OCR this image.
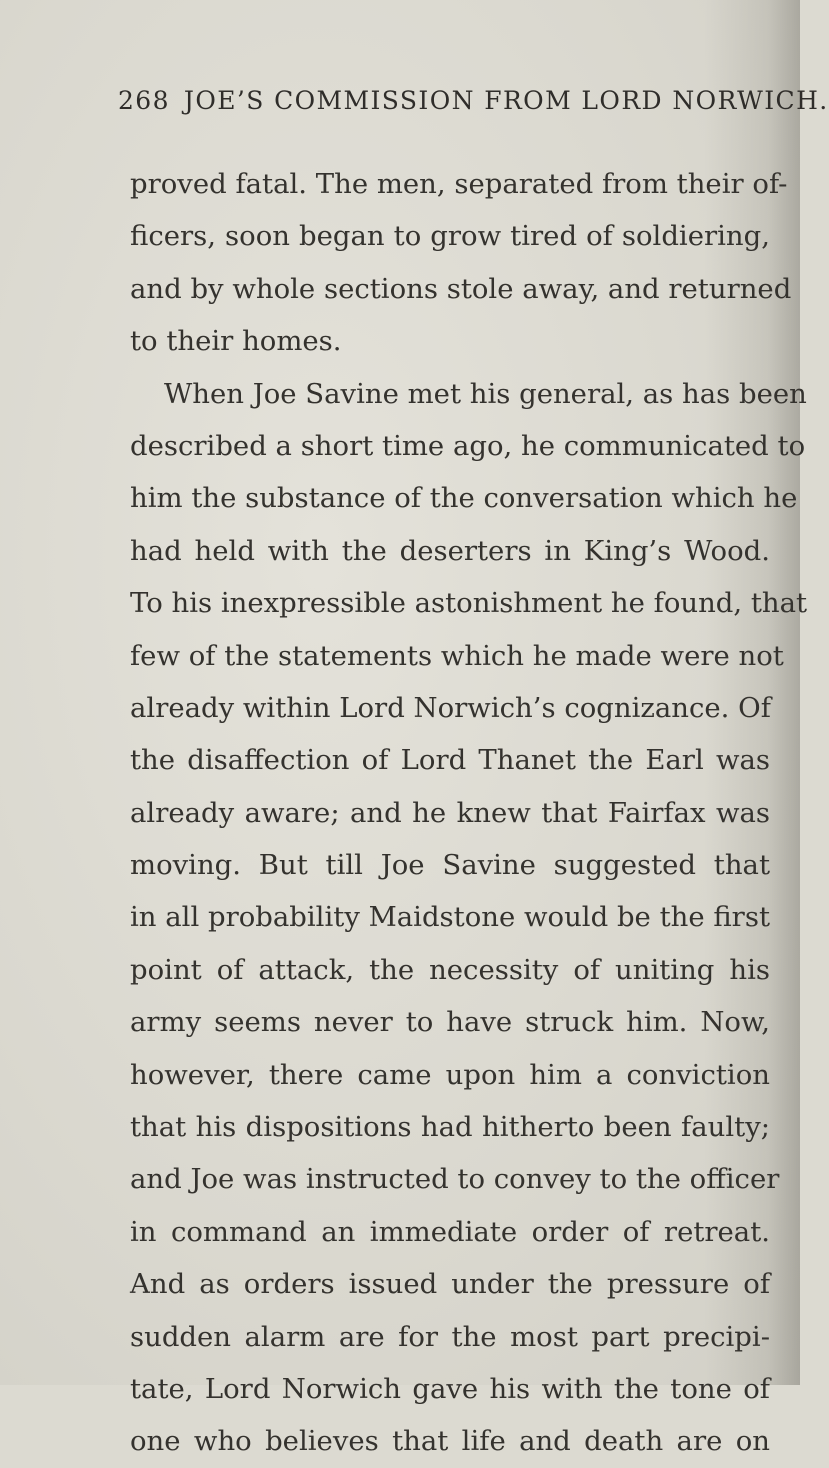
268 JOE’S COMMISSION FROM LORD NORWICH.
proved fatal. The men, separated from their of-
ficers, soon began to grow tired of soldiering,
and by whole sections stole away, and returned
to their homes.
When Joe Savine met his general, as has been
described a short time ago, he communicated to
him the substance of the conversation which he
had held with the deserters in King’s Wood.
To his inexpressible astonishment he found, that
few of the statements which he made were not
already within Lord Norwich’s cognizance. Of
the disaffection of Lord Thanet the Earl was
already aware; and he knew that Fairfax was
moving. But till Joe Savine suggested that
in all probability Maidstone would be the first
point of attack, the necessity of uniting his
army seems never to have struck him. Now,
however, there came upon him a conviction
that his dispositions had hitherto been faulty;
and Joe was instructed to convey to the officer
in command an immediate order of retreat.
And as orders issued under the pressure of
sudden alarm are for the most part precipi-
tate, Lord Norwich gave his with the tone of
one who believes that life and death are on
